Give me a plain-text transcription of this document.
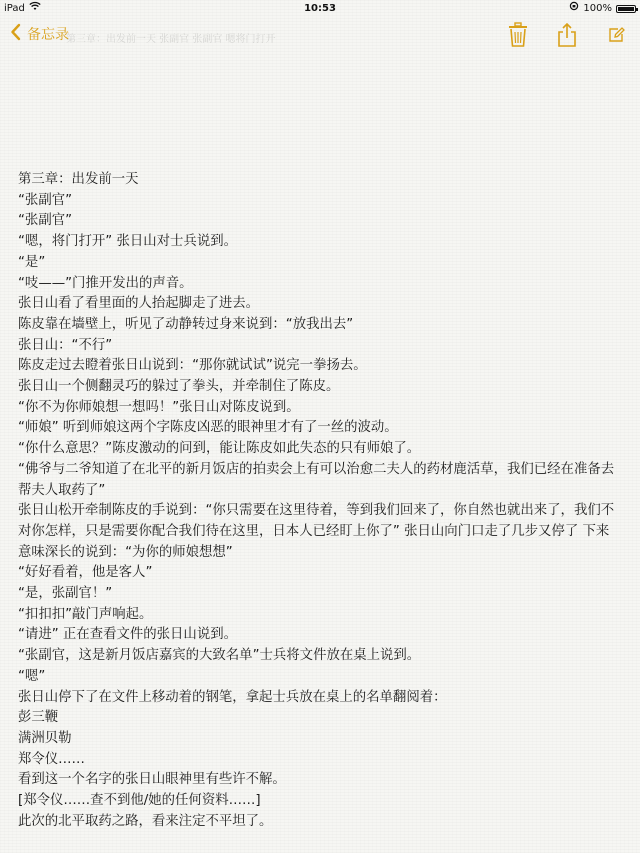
iPad	10:53	100%
备忘录
第三章：出发前一天 张副官 张副官 嗯将门打开
第三章：出发前一天
“张副官”
“张副官”
“嗯，将门打开” 张日山对士兵说到。
“是”
“吱——”门推开发出的声音。
张日山看了看里面的人抬起脚走了进去。
陈皮靠在墙壁上，听见了动静转过身来说到：“放我出去”
张日山：“不行”
陈皮走过去瞪着张日山说到：“那你就试试”说完一拳扬去。
张日山一个侧翻灵巧的躲过了拳头，并牵制住了陈皮。
“你不为你师娘想一想吗！”张日山对陈皮说到。
“师娘” 听到师娘这两个字陈皮凶恶的眼神里才有了一丝的波动。
“你什么意思？”陈皮激动的问到，能让陈皮如此失态的只有师娘了。
“佛爷与二爷知道了在北平的新月饭店的拍卖会上有可以治愈二夫人的药材鹿活草，我们已经在准备去帮夫人取药了”
张日山松开牵制陈皮的手说到：“你只需要在这里待着，等到我们回来了，你自然也就出来了，我们不对你怎样，只是需要你配合我们待在这里，日本人已经盯上你了” 张日山向门口走了几步又停了 下来意味深长的说到：“为你的师娘想想”
“好好看着，他是客人”
“是，张副官！”
“扣扣扣”敲门声响起。
“请进” 正在查看文件的张日山说到。
“张副官，这是新月饭店嘉宾的大致名单”士兵将文件放在桌上说到。
“嗯”
张日山停下了在文件上移动着的钢笔，拿起士兵放在桌上的名单翻阅着：
彭三鞭
满洲贝勒
郑令仪……
看到这一个名字的张日山眼神里有些许不解。
[郑令仪……查不到他/她的任何资料……]
此次的北平取药之路，看来注定不平坦了。
